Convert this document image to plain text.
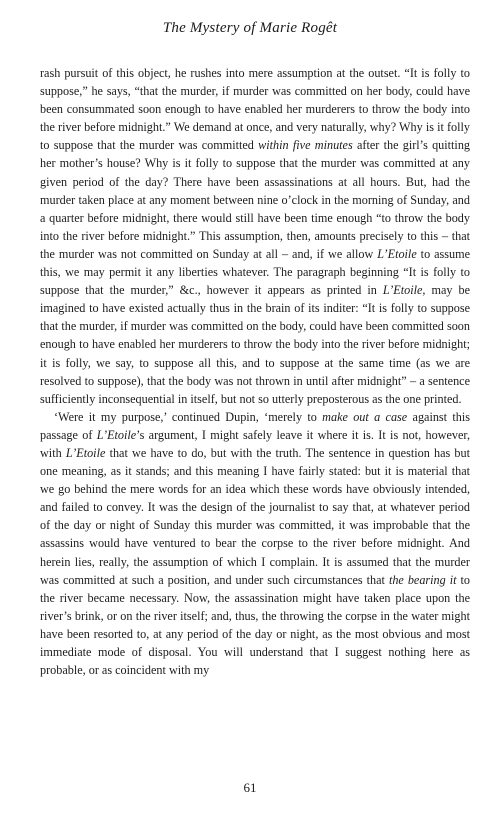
The Mystery of Marie Rogêt

rash pursuit of this object, he rushes into mere assumption at the outset. “It is folly to suppose,” he says, “that the murder, if murder was committed on her body, could have been consummated soon enough to have enabled her murderers to throw the body into the river before midnight.” We demand at once, and very naturally, why? Why is it folly to suppose that the murder was committed within five minutes after the girl’s quitting her mother’s house? Why is it folly to suppose that the murder was committed at any given period of the day? There have been assassinations at all hours. But, had the murder taken place at any moment between nine o’clock in the morning of Sunday, and a quarter before midnight, there would still have been time enough “to throw the body into the river before midnight.” This assumption, then, amounts precisely to this – that the murder was not committed on Sunday at all – and, if we allow L’Etoile to assume this, we may permit it any liberties whatever. The paragraph beginning “It is folly to suppose that the murder,” &c., however it appears as printed in L’Etoile, may be imagined to have existed actually thus in the brain of its inditer: “It is folly to suppose that the murder, if murder was committed on the body, could have been committed soon enough to have enabled her murderers to throw the body into the river before midnight; it is folly, we say, to suppose all this, and to suppose at the same time (as we are resolved to suppose), that the body was not thrown in until after midnight” – a sentence sufficiently inconsequential in itself, but not so utterly preposterous as the one printed.

‘Were it my purpose,’ continued Dupin, ‘merely to make out a case against this passage of L’Etoile’s argument, I might safely leave it where it is. It is not, however, with L’Etoile that we have to do, but with the truth. The sentence in question has but one meaning, as it stands; and this meaning I have fairly stated: but it is material that we go behind the mere words for an idea which these words have obviously intended, and failed to convey. It was the design of the journalist to say that, at whatever period of the day or night of Sunday this murder was committed, it was improbable that the assassins would have ventured to bear the corpse to the river before midnight. And herein lies, really, the assumption of which I complain. It is assumed that the murder was committed at such a position, and under such circumstances that the bearing it to the river became necessary. Now, the assassination might have taken place upon the river’s brink, or on the river itself; and, thus, the throwing the corpse in the water might have been resorted to, at any period of the day or night, as the most obvious and most immediate mode of disposal. You will understand that I suggest nothing here as probable, or as coincident with my

61
